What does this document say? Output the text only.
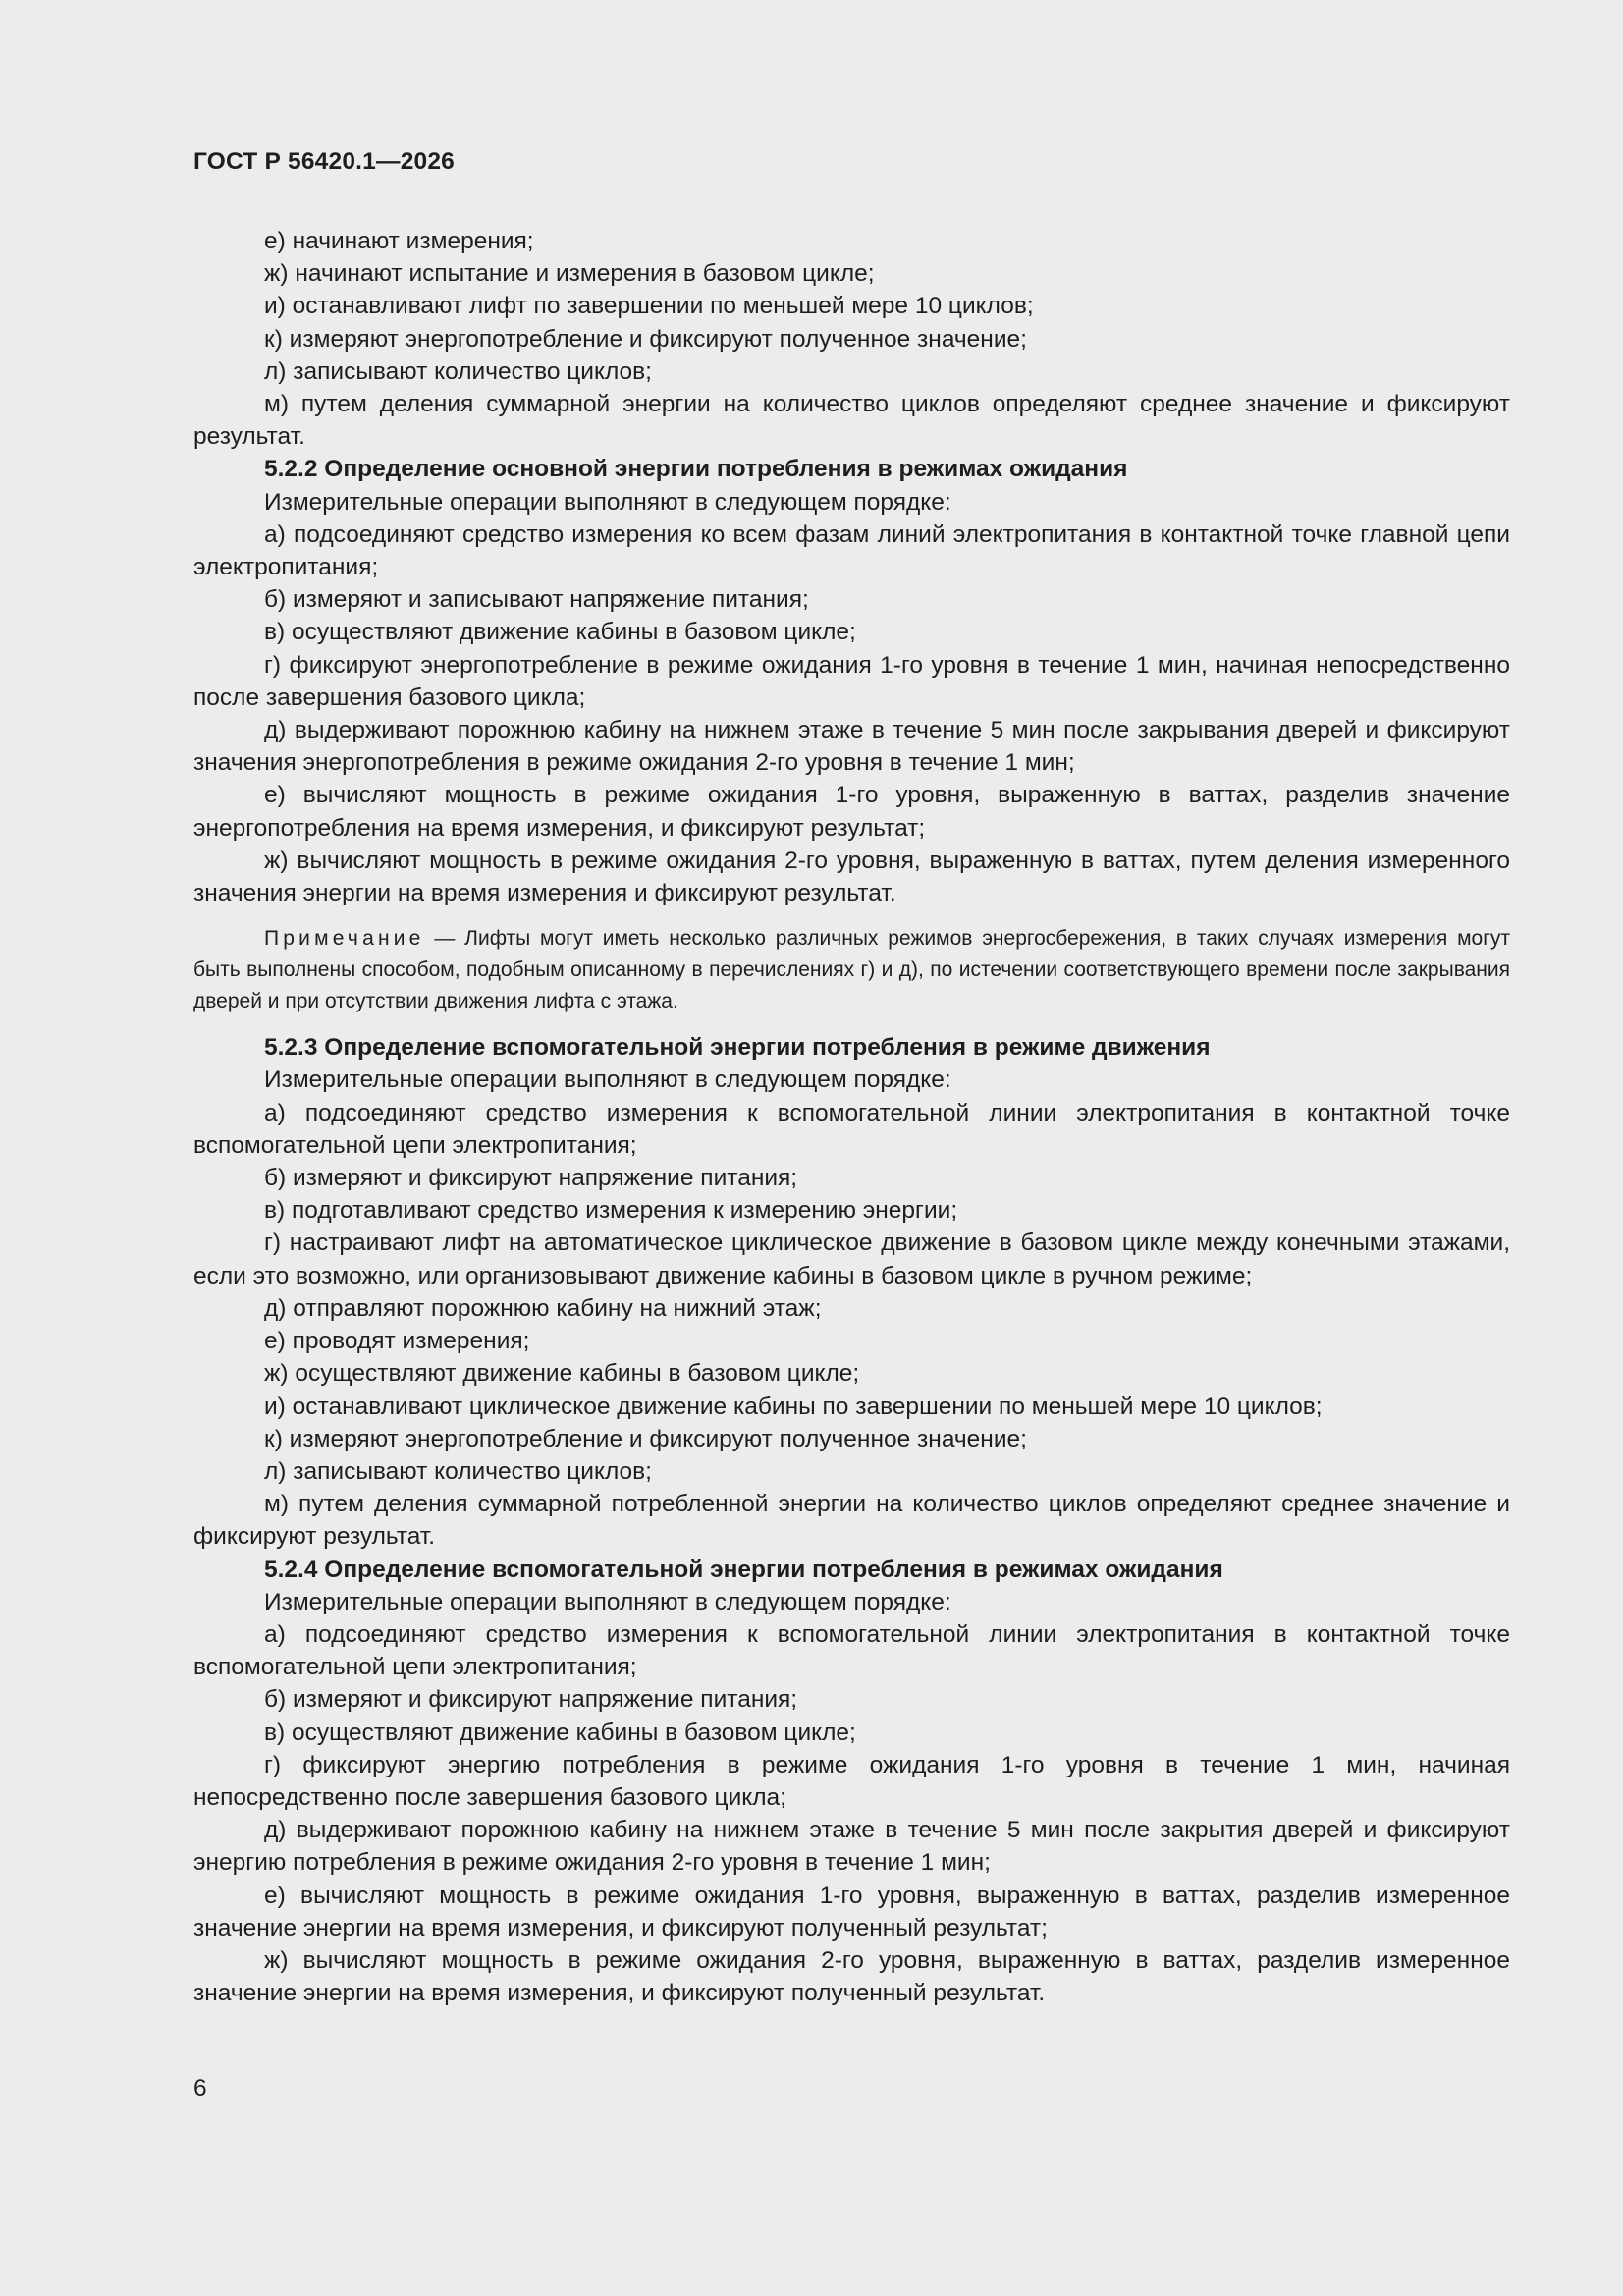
ГОСТ Р 56420.1—2026

е) начинают измерения;

ж) начинают испытание и измерения в базовом цикле;

и) останавливают лифт по завершении по меньшей мере 10 циклов;

к) измеряют энергопотребление и фиксируют полученное значение;

л) записывают количество циклов;

м) путем деления суммарной энергии на количество циклов определяют среднее значение и фиксируют результат.

5.2.2 Определение основной энергии потребления в режимах ожидания

Измерительные операции выполняют в следующем порядке:

а) подсоединяют средство измерения ко всем фазам линий электропитания в контактной точке главной цепи электропитания;

б) измеряют и записывают напряжение питания;

в) осуществляют движение кабины в базовом цикле;

г) фиксируют энергопотребление в режиме ожидания 1-го уровня в течение 1 мин, начиная непосредственно после завершения базового цикла;

д) выдерживают порожнюю кабину на нижнем этаже в течение 5 мин после закрывания дверей и фиксируют значения энергопотребления в режиме ожидания 2-го уровня в течение 1 мин;

е) вычисляют мощность в режиме ожидания 1-го уровня, выраженную в ваттах, разделив значение энергопотребления на время измерения, и фиксируют результат;

ж) вычисляют мощность в режиме ожидания 2-го уровня, выраженную в ваттах, путем деления измеренного значения энергии на время измерения и фиксируют результат.

Примечание — Лифты могут иметь несколько различных режимов энергосбережения, в таких случаях измерения могут быть выполнены способом, подобным описанному в перечислениях г) и д), по истечении соответствующего времени после закрывания дверей и при отсутствии движения лифта с этажа.

5.2.3 Определение вспомогательной энергии потребления в режиме движения

Измерительные операции выполняют в следующем порядке:

а) подсоединяют средство измерения к вспомогательной линии электропитания в контактной точке вспомогательной цепи электропитания;

б) измеряют и фиксируют напряжение питания;

в) подготавливают средство измерения к измерению энергии;

г) настраивают лифт на автоматическое циклическое движение в базовом цикле между конечными этажами, если это возможно, или организовывают движение кабины в базовом цикле в ручном режиме;

д) отправляют порожнюю кабину на нижний этаж;

е) проводят измерения;

ж) осуществляют движение кабины в базовом цикле;

и) останавливают циклическое движение кабины по завершении по меньшей мере 10 циклов;

к) измеряют энергопотребление и фиксируют полученное значение;

л) записывают количество циклов;

м) путем деления суммарной потребленной энергии на количество циклов определяют среднее значение и фиксируют результат.

5.2.4 Определение вспомогательной энергии потребления в режимах ожидания

Измерительные операции выполняют в следующем порядке:

а) подсоединяют средство измерения к вспомогательной линии электропитания в контактной точке вспомогательной цепи электропитания;

б) измеряют и фиксируют напряжение питания;

в) осуществляют движение кабины в базовом цикле;

г) фиксируют энергию потребления в режиме ожидания 1-го уровня в течение 1 мин, начиная непосредственно после завершения базового цикла;

д) выдерживают порожнюю кабину на нижнем этаже в течение 5 мин после закрытия дверей и фиксируют энергию потребления в режиме ожидания 2-го уровня в течение 1 мин;

е) вычисляют мощность в режиме ожидания 1-го уровня, выраженную в ваттах, разделив измеренное значение энергии на время измерения, и фиксируют полученный результат;

ж) вычисляют мощность в режиме ожидания 2-го уровня, выраженную в ваттах, разделив измеренное значение энергии на время измерения, и фиксируют полученный результат.

6
